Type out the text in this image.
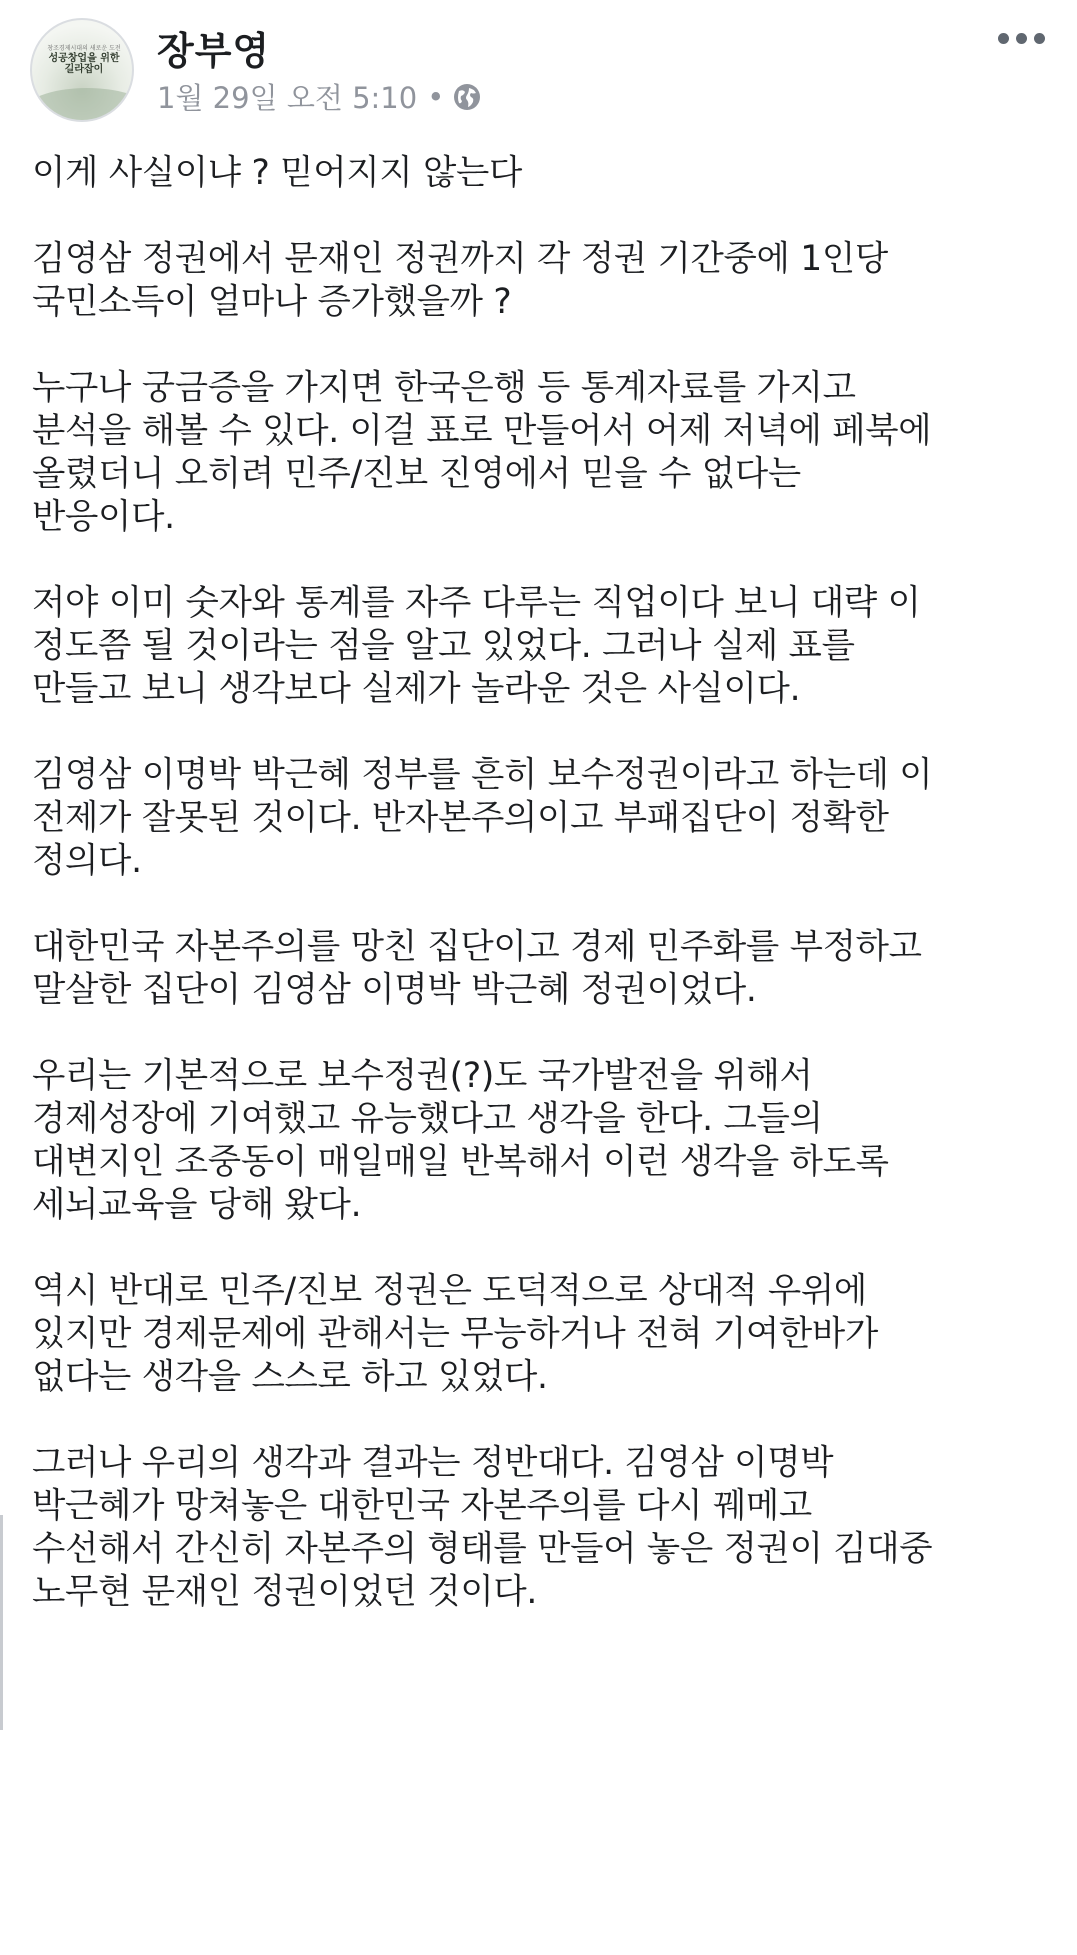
창조경제시대의 새로운 도전
성공창업을 위한 길라잡이	장부영
1월 29일 오전 5:10 •

이게 사실이냐 ? 믿어지지 않는다

김영삼 정권에서 문재인 정권까지 각 정권 기간중에 1인당
국민소득이 얼마나 증가했을까 ?

누구나 궁금증을 가지면 한국은행 등 통계자료를 가지고
분석을 해볼 수 있다. 이걸 표로 만들어서 어제 저녁에 페북에
올렸더니 오히려 민주/진보 진영에서 믿을 수 없다는
반응이다.

저야 이미 숫자와 통계를 자주 다루는 직업이다 보니 대략 이
정도쯤 될 것이라는 점을 알고 있었다. 그러나 실제 표를
만들고 보니 생각보다 실제가 놀라운 것은 사실이다.

김영삼 이명박 박근혜 정부를 흔히 보수정권이라고 하는데 이
전제가 잘못된 것이다. 반자본주의이고 부패집단이 정확한
정의다.

대한민국 자본주의를 망친 집단이고 경제 민주화를 부정하고
말살한 집단이 김영삼 이명박 박근혜 정권이었다.

우리는 기본적으로 보수정권(?)도 국가발전을 위해서
경제성장에 기여했고 유능했다고 생각을 한다. 그들의
대변지인 조중동이 매일매일 반복해서 이런 생각을 하도록
세뇌교육을 당해 왔다.

역시 반대로 민주/진보 정권은 도덕적으로 상대적 우위에
있지만 경제문제에 관해서는 무능하거나 전혀 기여한바가
없다는 생각을 스스로 하고 있었다.

그러나 우리의 생각과 결과는 정반대다. 김영삼 이명박
박근혜가 망쳐놓은 대한민국 자본주의를 다시 꿰메고
수선해서 간신히 자본주의 형태를 만들어 놓은 정권이 김대중
노무현 문재인 정권이었던 것이다.
